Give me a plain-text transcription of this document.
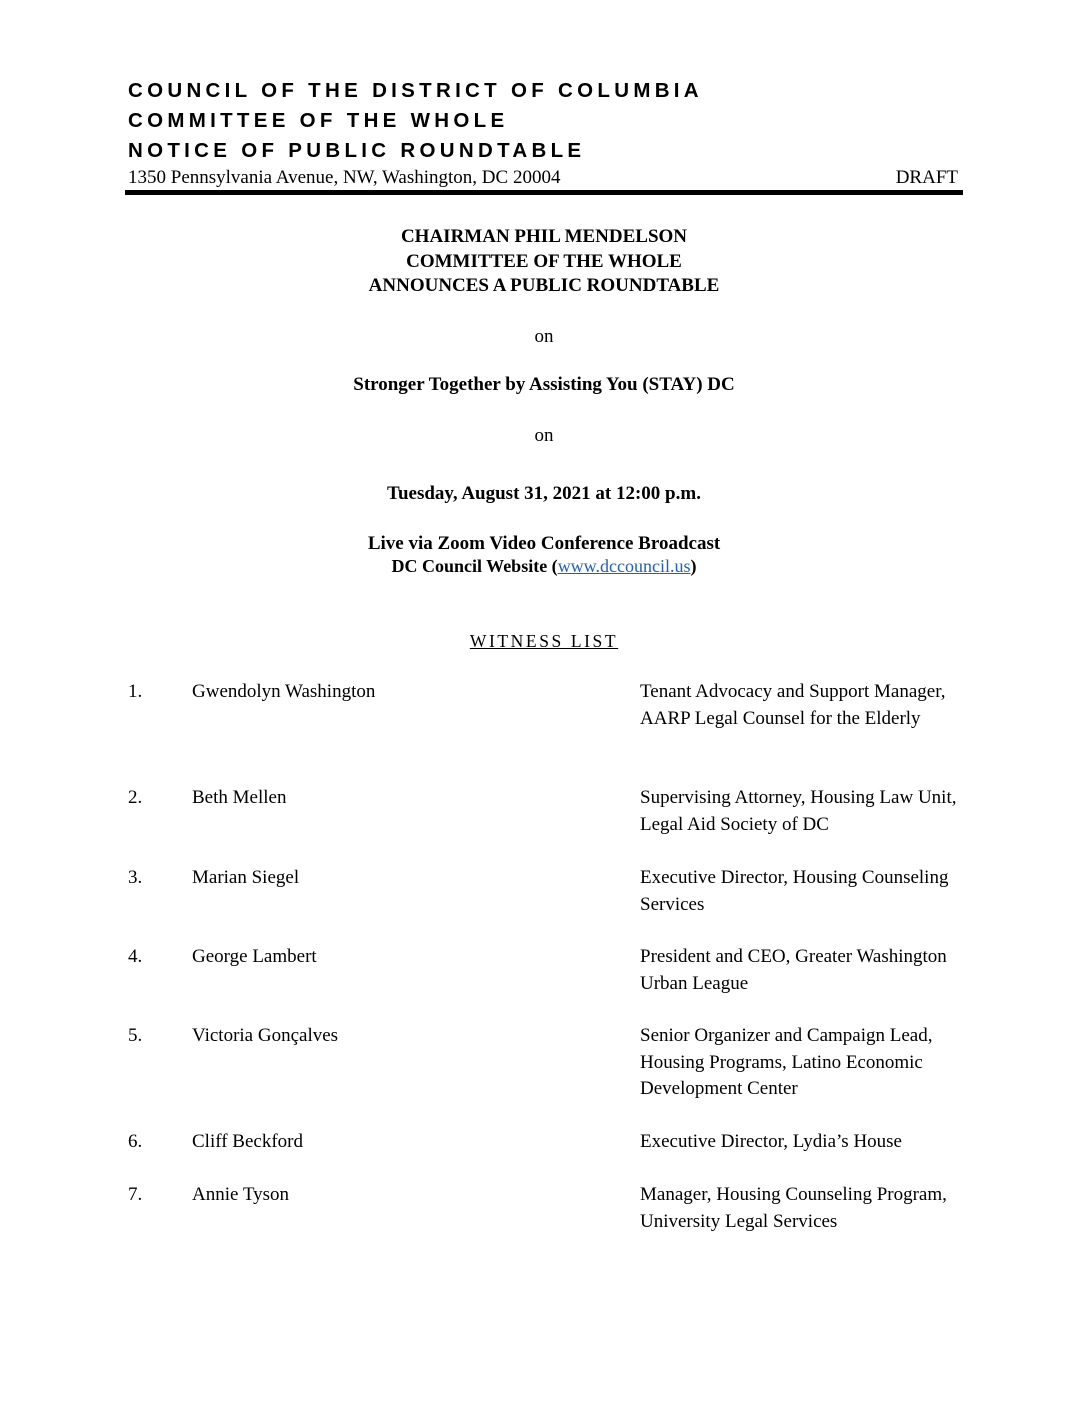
COUNCIL OF THE DISTRICT OF COLUMBIA
COMMITTEE OF THE WHOLE
NOTICE OF PUBLIC ROUNDTABLE
1350 Pennsylvania Avenue, NW, Washington, DC 20004	DRAFT
CHAIRMAN PHIL MENDELSON
COMMITTEE OF THE WHOLE
ANNOUNCES A PUBLIC ROUNDTABLE
on
Stronger Together by Assisting You (STAY) DC
on
Tuesday, August 31, 2021 at 12:00 p.m.
Live via Zoom Video Conference Broadcast
DC Council Website (www.dccouncil.us)
WITNESS LIST
1.	Gwendolyn Washington	Tenant Advocacy and Support Manager, AARP Legal Counsel for the Elderly
2.	Beth Mellen	Supervising Attorney, Housing Law Unit, Legal Aid Society of DC
3.	Marian Siegel	Executive Director, Housing Counseling Services
4.	George Lambert	President and CEO, Greater Washington Urban League
5.	Victoria Gonçalves	Senior Organizer and Campaign Lead, Housing Programs, Latino Economic Development Center
6.	Cliff Beckford	Executive Director, Lydia’s House
7.	Annie Tyson	Manager, Housing Counseling Program, University Legal Services
